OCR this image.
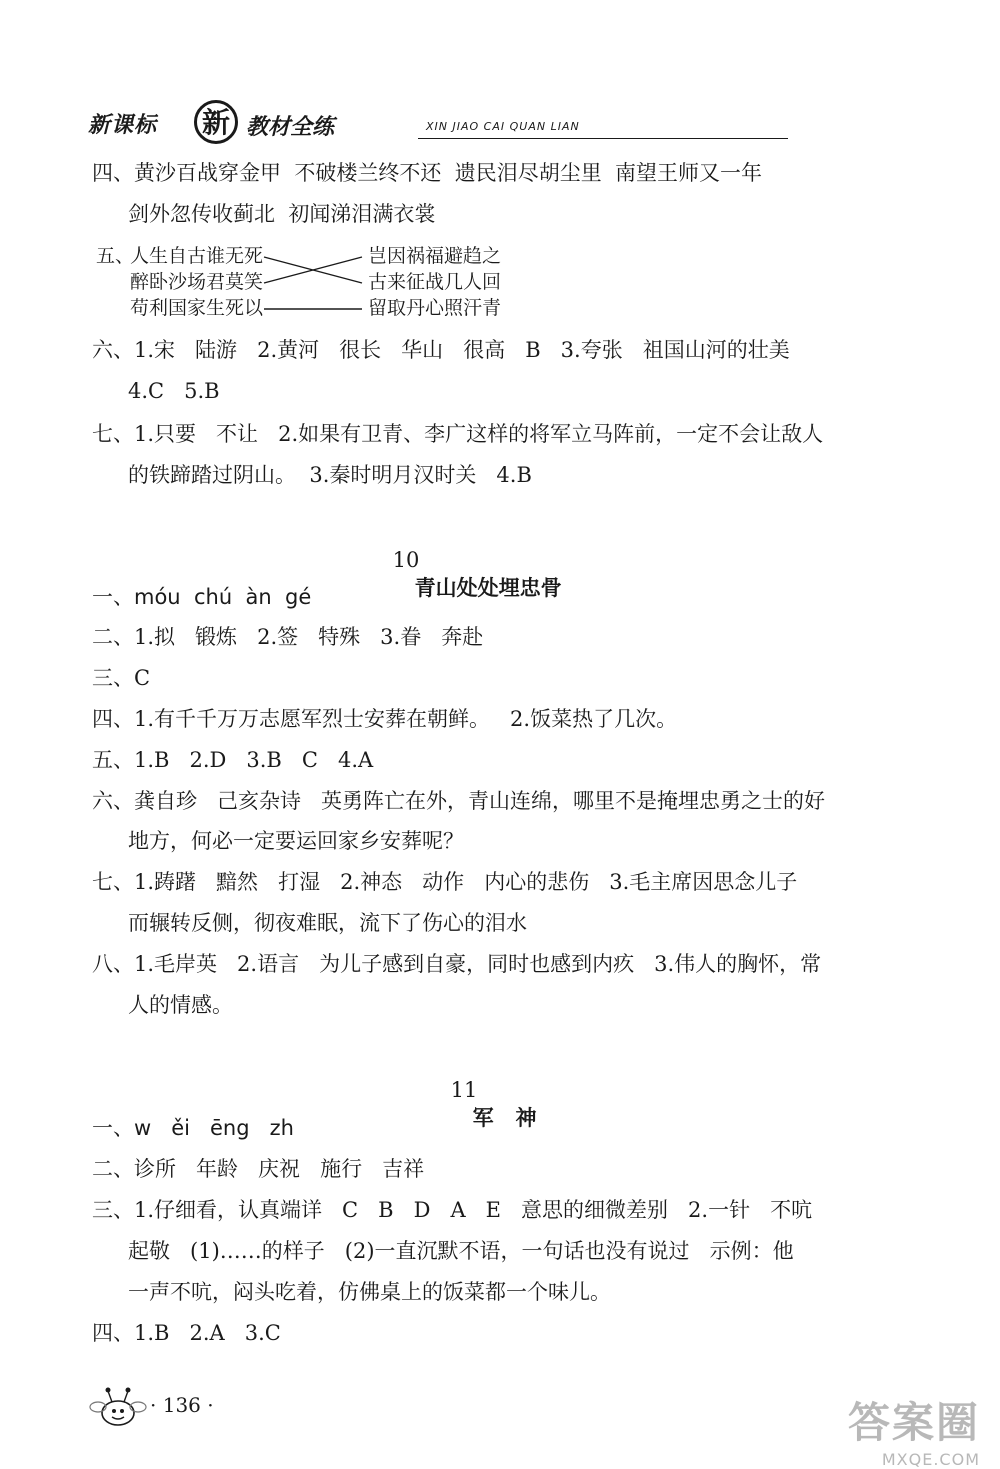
新课标 新 教材全练	XIN JIAO CAI QUAN LIAN
四、黄沙百战穿金甲  不破楼兰终不还  遗民泪尽胡尘里  南望王师又一年
剑外忽传收蓟北  初闻涕泪满衣裳
五、
人生自古谁无死
醉卧沙场君莫笑
苟利国家生死以
岂因祸福避趋之
古来征战几人回
留取丹心照汗青
六、1.宋   陆游   2.黄河   很长   华山   很高   B   3.夸张   祖国山河的壮美
4.C   5.B
七、1.只要   不让   2.如果有卫青、李广这样的将军立马阵前，一定不会让敌人
的铁蹄踏过阴山。  3.秦时明月汉时关   4.B

10
青山处处埋忠骨

一、móu  chú  àn  gé
二、1.拟   锻炼   2.签   特殊   3.眷   奔赴
三、C
四、1.有千千万万志愿军烈士安葬在朝鲜。   2.饭菜热了几次。
五、1.B   2.D   3.B   C   4.A
六、龚自珍   己亥杂诗   英勇阵亡在外，青山连绵，哪里不是掩埋忠勇之士的好
地方，何必一定要运回家乡安葬呢？
七、1.踌躇   黯然   打湿   2.神态   动作   内心的悲伤   3.毛主席因思念儿子
而辗转反侧，彻夜难眠，流下了伤心的泪水
八、1.毛岸英   2.语言   为儿子感到自豪，同时也感到内疚   3.伟人的胸怀，常
人的情感。

11
军   神

一、w   ěi   ēng   zh
二、诊所   年龄   庆祝   施行   吉祥
三、1.仔细看，认真端详   C   B   D   A   E   意思的细微差别   2.一针   不吭
起敬   (1)……的样子   (2)一直沉默不语，一句话也没有说过   示例：他
一声不吭，闷头吃着，仿佛桌上的饭菜都一个味儿。
四、1.B   2.A   3.C
· 136 ·	答案圈
MXQE.COM
